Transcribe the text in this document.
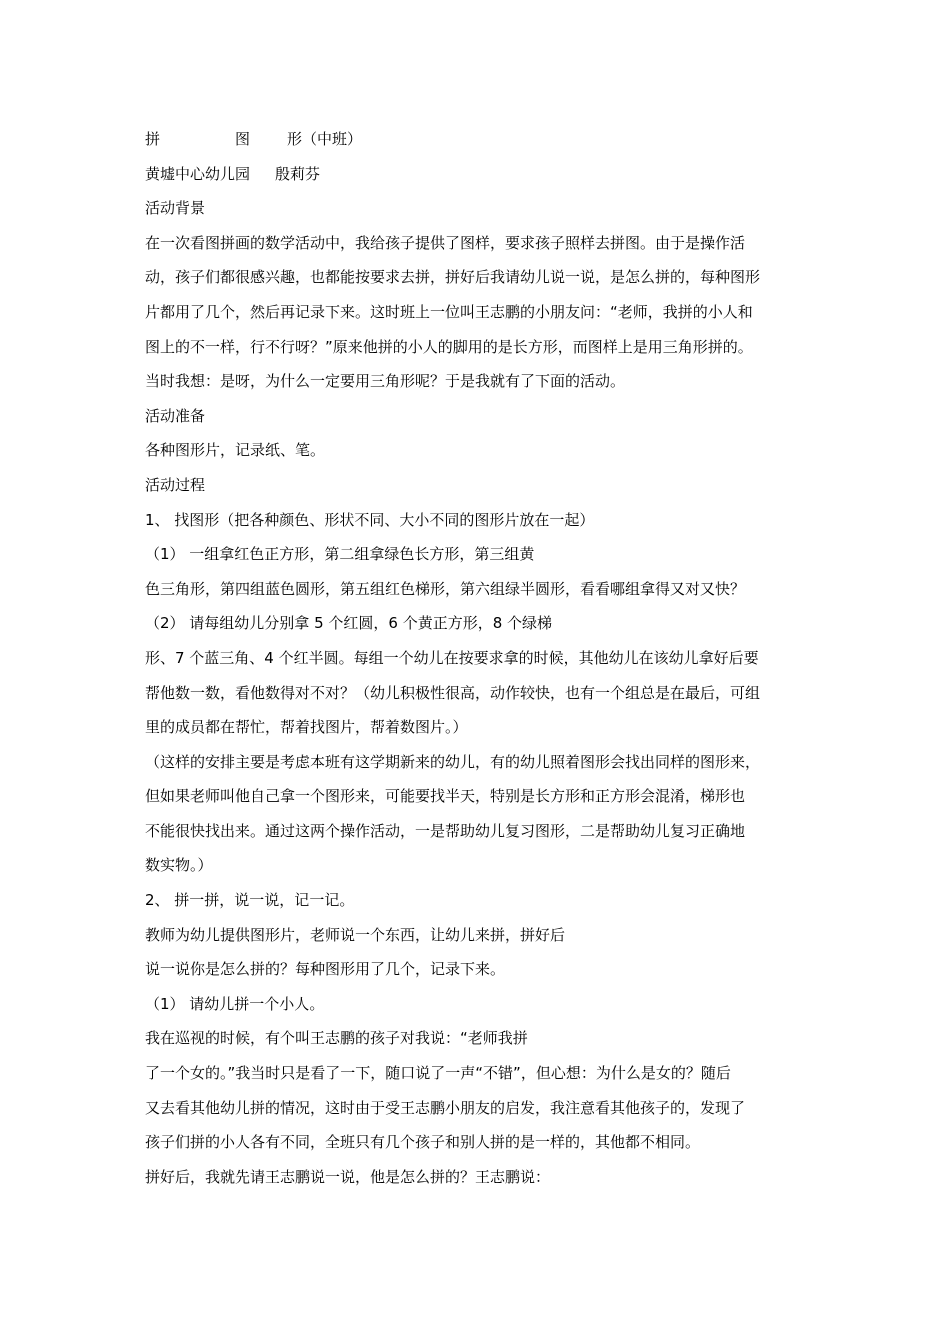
拼	图 形（中班）
黄墟中心幼儿园 殷莉芬
活动背景
在一次看图拼画的数学活动中，我给孩子提供了图样，要求孩子照样去拼图。由于是操作活
动，孩子们都很感兴趣，也都能按要求去拼，拼好后我请幼儿说一说，是怎么拼的，每种图形
片都用了几个，然后再记录下来。这时班上一位叫王志鹏的小朋友问：“老师，我拼的小人和
图上的不一样，行不行呀？”原来他拼的小人的脚用的是长方形，而图样上是用三角形拼的。
当时我想：是呀，为什么一定要用三角形呢？于是我就有了下面的活动。
活动准备
各种图形片，记录纸、笔。
活动过程
1、 找图形（把各种颜色、形状不同、大小不同的图形片放在一起）
（1） 一组拿红色正方形，第二组拿绿色长方形，第三组黄
色三角形，第四组蓝色圆形，第五组红色梯形，第六组绿半圆形，看看哪组拿得又对又快？
（2） 请每组幼儿分别拿 5 个红圆，6 个黄正方形，8 个绿梯
形、7 个蓝三角、4 个红半圆。每组一个幼儿在按要求拿的时候，其他幼儿在该幼儿拿好后要
帮他数一数，看他数得对不对？（幼儿积极性很高，动作较快，也有一个组总是在最后，可组
里的成员都在帮忙，帮着找图片，帮着数图片。）
（这样的安排主要是考虑本班有这学期新来的幼儿，有的幼儿照着图形会找出同样的图形来，
但如果老师叫他自己拿一个图形来，可能要找半天，特别是长方形和正方形会混淆，梯形也
不能很快找出来。通过这两个操作活动，一是帮助幼儿复习图形，二是帮助幼儿复习正确地
数实物。）
2、 拼一拼，说一说，记一记。
教师为幼儿提供图形片，老师说一个东西，让幼儿来拼，拼好后
说一说你是怎么拼的？每种图形用了几个，记录下来。
（1） 请幼儿拼一个小人。
我在巡视的时候，有个叫王志鹏的孩子对我说：“老师我拼
了一个女的。”我当时只是看了一下，随口说了一声“不错”，但心想：为什么是女的？随后
又去看其他幼儿拼的情况，这时由于受王志鹏小朋友的启发，我注意看其他孩子的，发现了
孩子们拼的小人各有不同，全班只有几个孩子和别人拼的是一样的，其他都不相同。
拼好后，我就先请王志鹏说一说，他是怎么拼的？王志鹏说：
